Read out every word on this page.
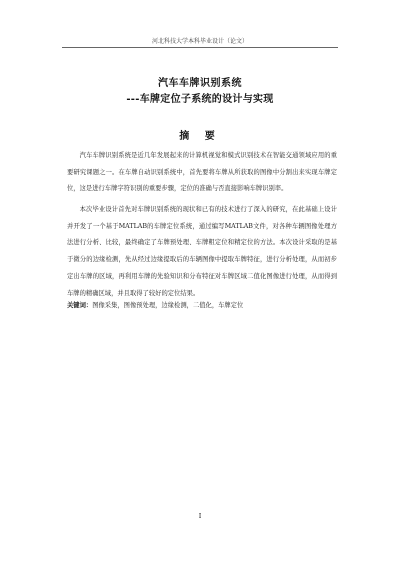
河北科技大学本科毕业设计（论文）
汽车车牌识别系统
---车牌定位子系统的设计与实现
摘 要

汽车车牌识别系统是近几年发展起来的计算机视觉和模式识别技术在智能交通领域应用的重要研究课题之一。在车牌自动识别系统中，首先要将车牌从所获取的图像中分割出来实现车牌定位，这是进行车牌字符识别的重要步骤，定位的准确与否直接影响车牌识别率。

本次毕业设计首先对车牌识别系统的现状和已有的技术进行了深入的研究，在此基础上设计并开发了一个基于MATLAB的车牌定位系统，通过编写MATLAB文件，对各种车辆图像处理方法进行分析、比较，最终确定了车牌预处理、车牌粗定位和精定位的方法。本次设计采取的是基于微分的边缘检测，先从经过边缘提取后的车辆图像中提取车牌特征，进行分析处理，从而初步定出车牌的区域，再利用车牌的先验知识和分布特征对车牌区域二值化图像进行处理，从而得到车牌的精确区域，并且取得了较好的定位结果。

关键词：图像采集，图像预处理，边缘检测，二值化，车牌定位
I
